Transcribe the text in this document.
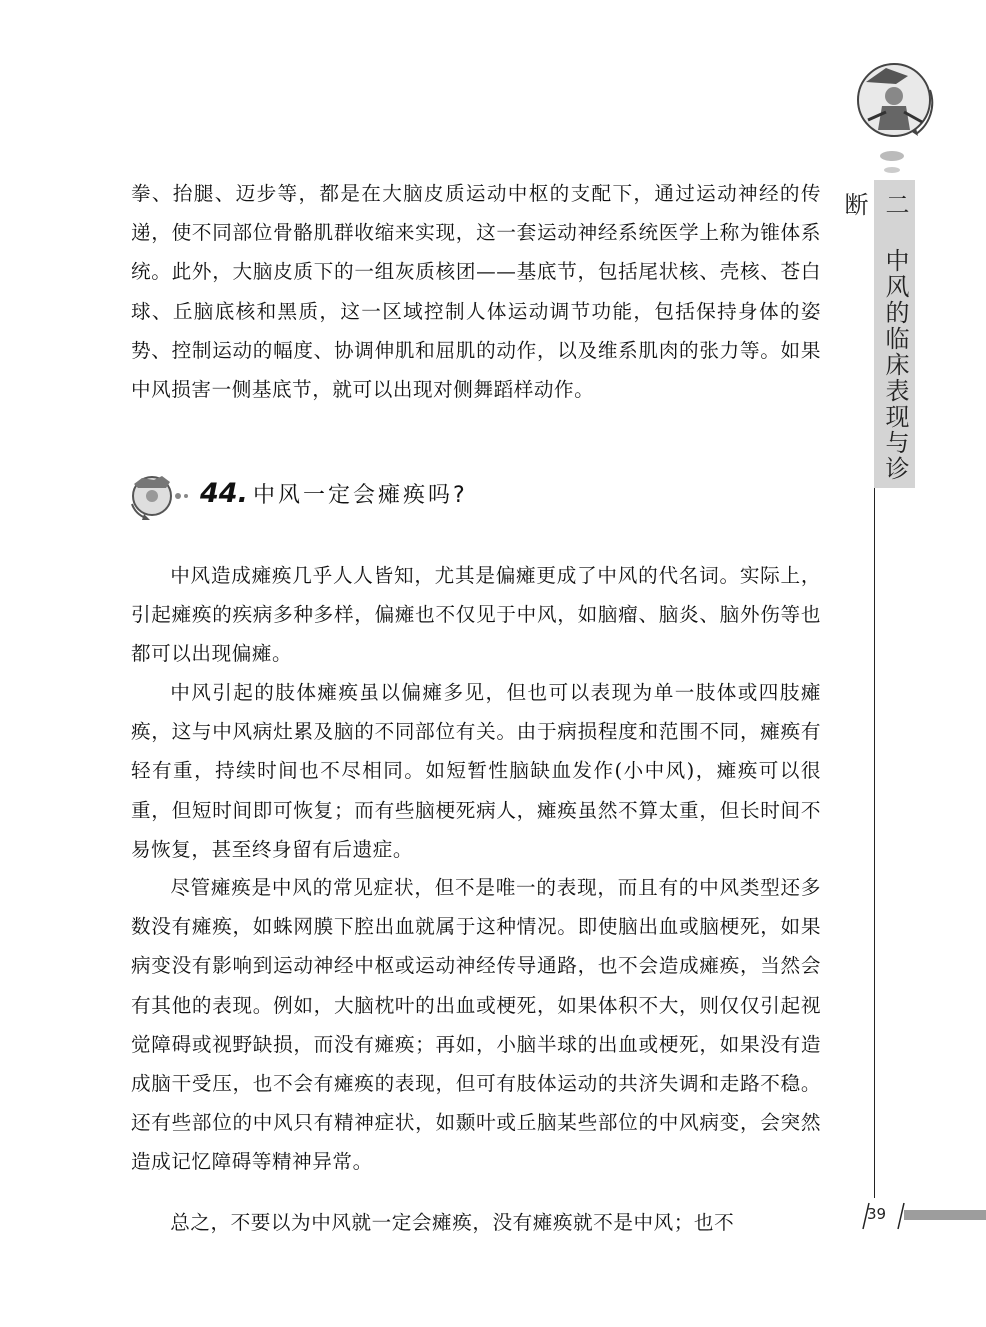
二 中风的临床表现与诊断

拳、抬腿、迈步等，都是在大脑皮质运动中枢的支配下，通过运动神经的传递，使不同部位骨骼肌群收缩来实现，这一套运动神经系统医学上称为锥体系统。此外，大脑皮质下的一组灰质核团——基底节，包括尾状核、壳核、苍白球、丘脑底核和黑质，这一区域控制人体运动调节功能，包括保持身体的姿势、控制运动的幅度、协调伸肌和屈肌的动作，以及维系肌肉的张力等。如果中风损害一侧基底节，就可以出现对侧舞蹈样动作。

44. 中风一定会瘫痪吗?

中风造成瘫痪几乎人人皆知，尤其是偏瘫更成了中风的代名词。实际上，引起瘫痪的疾病多种多样，偏瘫也不仅见于中风，如脑瘤、脑炎、脑外伤等也都可以出现偏瘫。

中风引起的肢体瘫痪虽以偏瘫多见，但也可以表现为单一肢体或四肢瘫痪，这与中风病灶累及脑的不同部位有关。由于病损程度和范围不同，瘫痪有轻有重，持续时间也不尽相同。如短暂性脑缺血发作(小中风)，瘫痪可以很重，但短时间即可恢复；而有些脑梗死病人，瘫痪虽然不算太重，但长时间不易恢复，甚至终身留有后遗症。

尽管瘫痪是中风的常见症状，但不是唯一的表现，而且有的中风类型还多数没有瘫痪，如蛛网膜下腔出血就属于这种情况。即使脑出血或脑梗死，如果病变没有影响到运动神经中枢或运动神经传导通路，也不会造成瘫痪，当然会有其他的表现。例如，大脑枕叶的出血或梗死，如果体积不大，则仅仅引起视觉障碍或视野缺损，而没有瘫痪；再如，小脑半球的出血或梗死，如果没有造成脑干受压，也不会有瘫痪的表现，但可有肢体运动的共济失调和走路不稳。还有些部位的中风只有精神症状，如颞叶或丘脑某些部位的中风病变，会突然造成记忆障碍等精神异常。

总之，不要以为中风就一定会瘫痪，没有瘫痪就不是中风；也不	39
